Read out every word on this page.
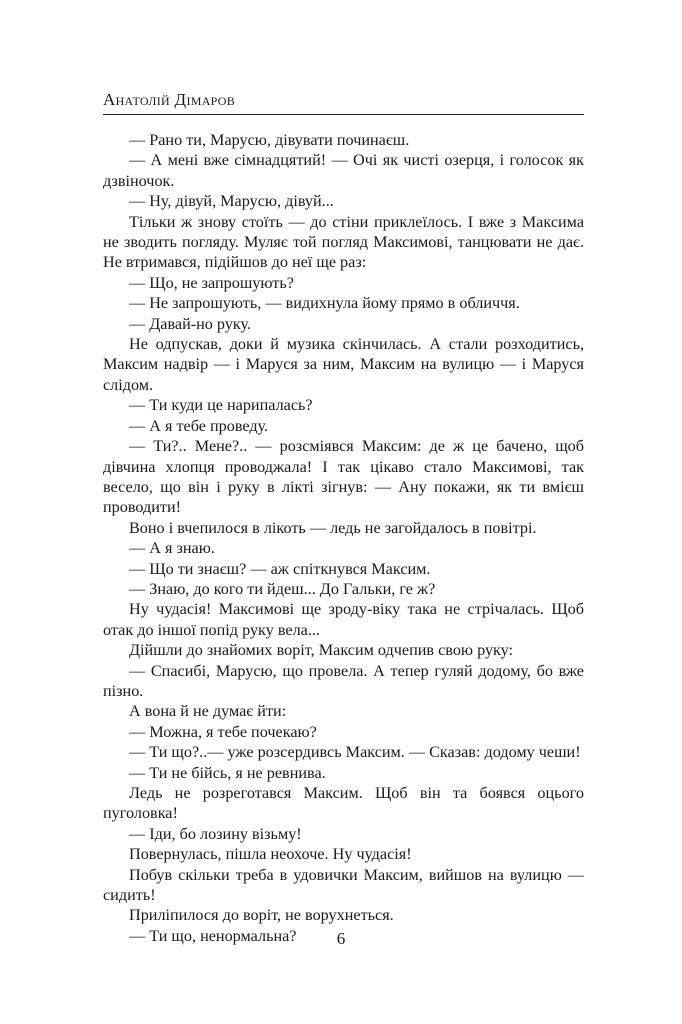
Анатолій Дімаров

— Рано ти, Марусю, дівувати починаєш.

— А мені вже сімнадцятий! — Очі як чисті озерця, і голосок як дзвіночок.

— Ну, дівуй, Марусю, дівуй...

Тільки ж знову стоїть — до стіни приклеїлось. І вже з Максима не зводить погляду. Муляє той погляд Максимові, танцювати не дає. Не втримався, підійшов до неї ще раз:

— Що, не запрошують?

— Не запрошують, — видихнула йому прямо в обличчя.

— Давай-но руку.

Не одпускав, доки й музика скінчилась. А стали розходитись, Максим надвір — і Маруся за ним, Максим на вулицю — і Маруся слідом.

— Ти куди це нарипалась?

— А я тебе проведу.

— Ти?.. Мене?.. — розсміявся Максим: де ж це бачено, щоб дівчина хлопця проводжала! І так цікаво стало Максимові, так весело, що він і руку в лікті зігнув: — Ану покажи, як ти вмієш проводити!

Воно і вчепилося в лікоть — ледь не загойдалось в повітрі.

— А я знаю.

— Що ти знаєш? — аж спіткнувся Максим.

— Знаю, до кого ти йдеш... До Гальки, ге ж?

Ну чудасія! Максимові ще зроду-віку така не стрічалась. Щоб отак до іншої попід руку вела...

Дійшли до знайомих воріт, Максим одчепив свою руку:

— Спасибі, Марусю, що провела. А тепер гуляй додому, бо вже пізно.

А вона й не думає йти:

— Можна, я тебе почекаю?

— Ти що?..— уже розсердивсь Максим. — Сказав: додому чеши!

— Ти не бійсь, я не ревнива.

Ледь не розреготався Максим. Щоб він та боявся оцього пуголовка!

— Іди, бо лозину візьму!

Повернулась, пішла неохоче. Ну чудасія!

Побув скільки треба в удовички Максим, вийшов на вулицю — сидить!

Приліпилося до воріт, не ворухнеться.

— Ти що, ненормальна?	6
